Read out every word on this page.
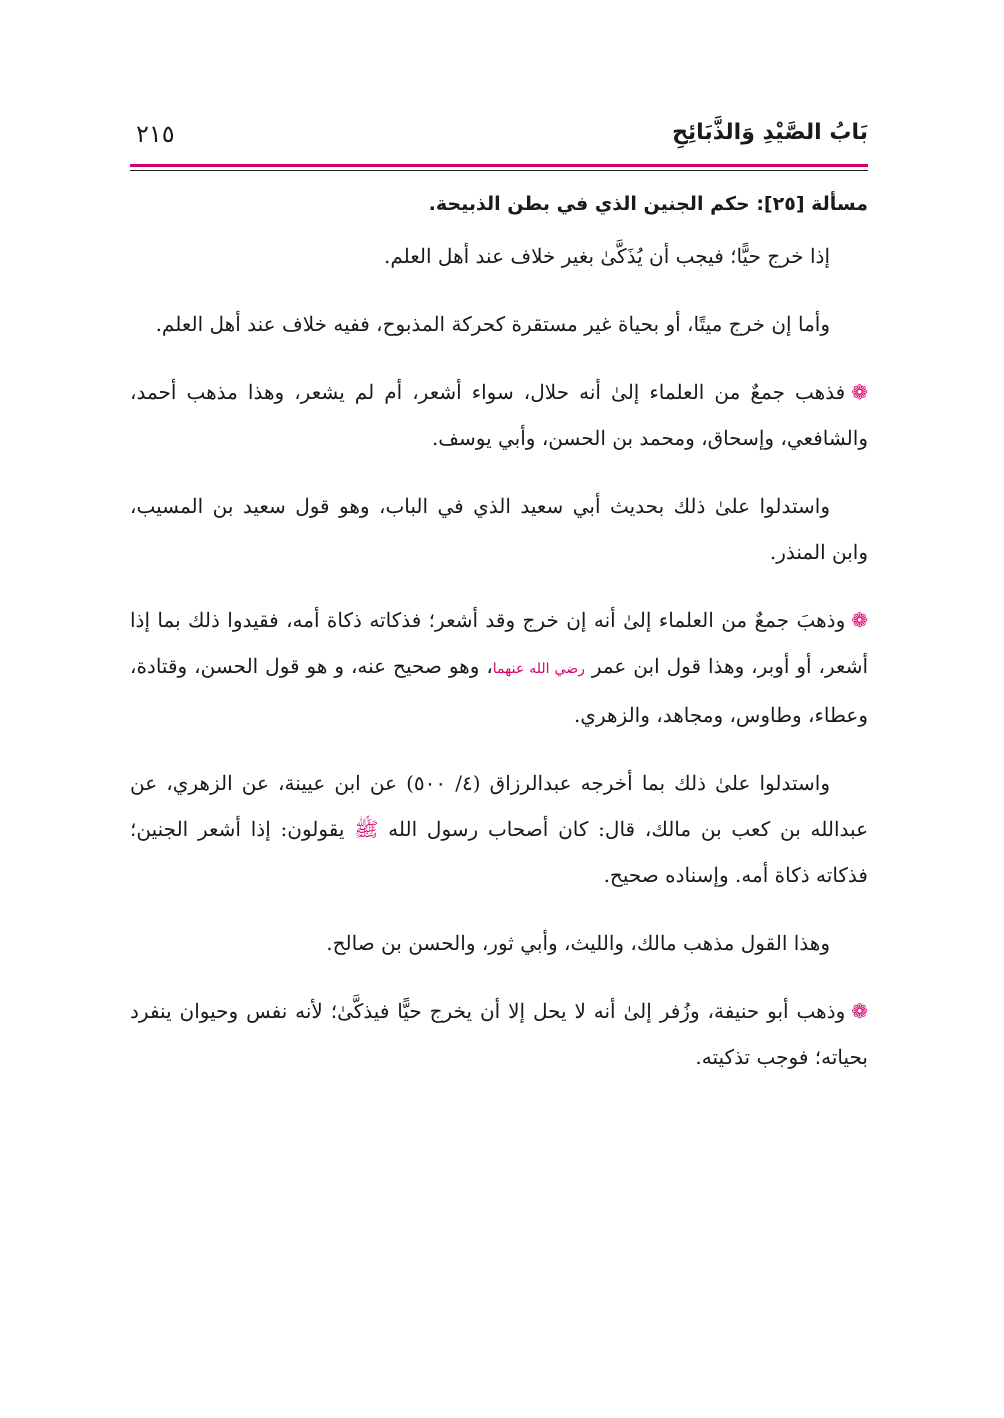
بَابُ الصَّيْدِ وَالذَّبَائِحِ
٢١٥
مسألة [٢٥]: حكم الجنين الذي في بطن الذبيحة.

إذا خرج حيًّا؛ فيجب أن يُذَكَّىٰ بغير خلاف عند أهل العلم.

وأما إن خرج ميتًا، أو بحياة غير مستقرة كحركة المذبوح، ففيه خلاف عند أهل العلم.

❁فذهب جمعٌ من العلماء إلىٰ أنه حلال، سواء أشعر، أم لم يشعر، وهذا مذهب أحمد، والشافعي، وإسحاق، ومحمد بن الحسن، وأبي يوسف.

واستدلوا علىٰ ذلك بحديث أبي سعيد الذي في الباب، وهو قول سعيد بن المسيب، وابن المنذر.

❁وذهبَ جمعٌ من العلماء إلىٰ أنه إن خرج وقد أشعر؛ فذكاته ذكاة أمه، فقيدوا ذلك بما إذا أشعر، أو أوبر، وهذا قول ابن عمر رضي الله عنهما، وهو صحيح عنه، و هو قول الحسن، وقتادة، وعطاء، وطاوس، ومجاهد، والزهري.

واستدلوا علىٰ ذلك بما أخرجه عبدالرزاق (٤/ ٥٠٠) عن ابن عيينة، عن الزهري، عن عبدالله بن كعب بن مالك، قال: كان أصحاب رسول الله ﷺ يقولون: إذا أشعر الجنين؛ فذكاته ذكاة أمه. وإسناده صحيح.

وهذا القول مذهب مالك، والليث، وأبي ثور، والحسن بن صالح.

❁وذهب أبو حنيفة، وزُفر إلىٰ أنه لا يحل إلا أن يخرج حيًّا فيذكَّىٰ؛ لأنه نفس وحيوان ينفرد بحياته؛ فوجب تذكيته.
